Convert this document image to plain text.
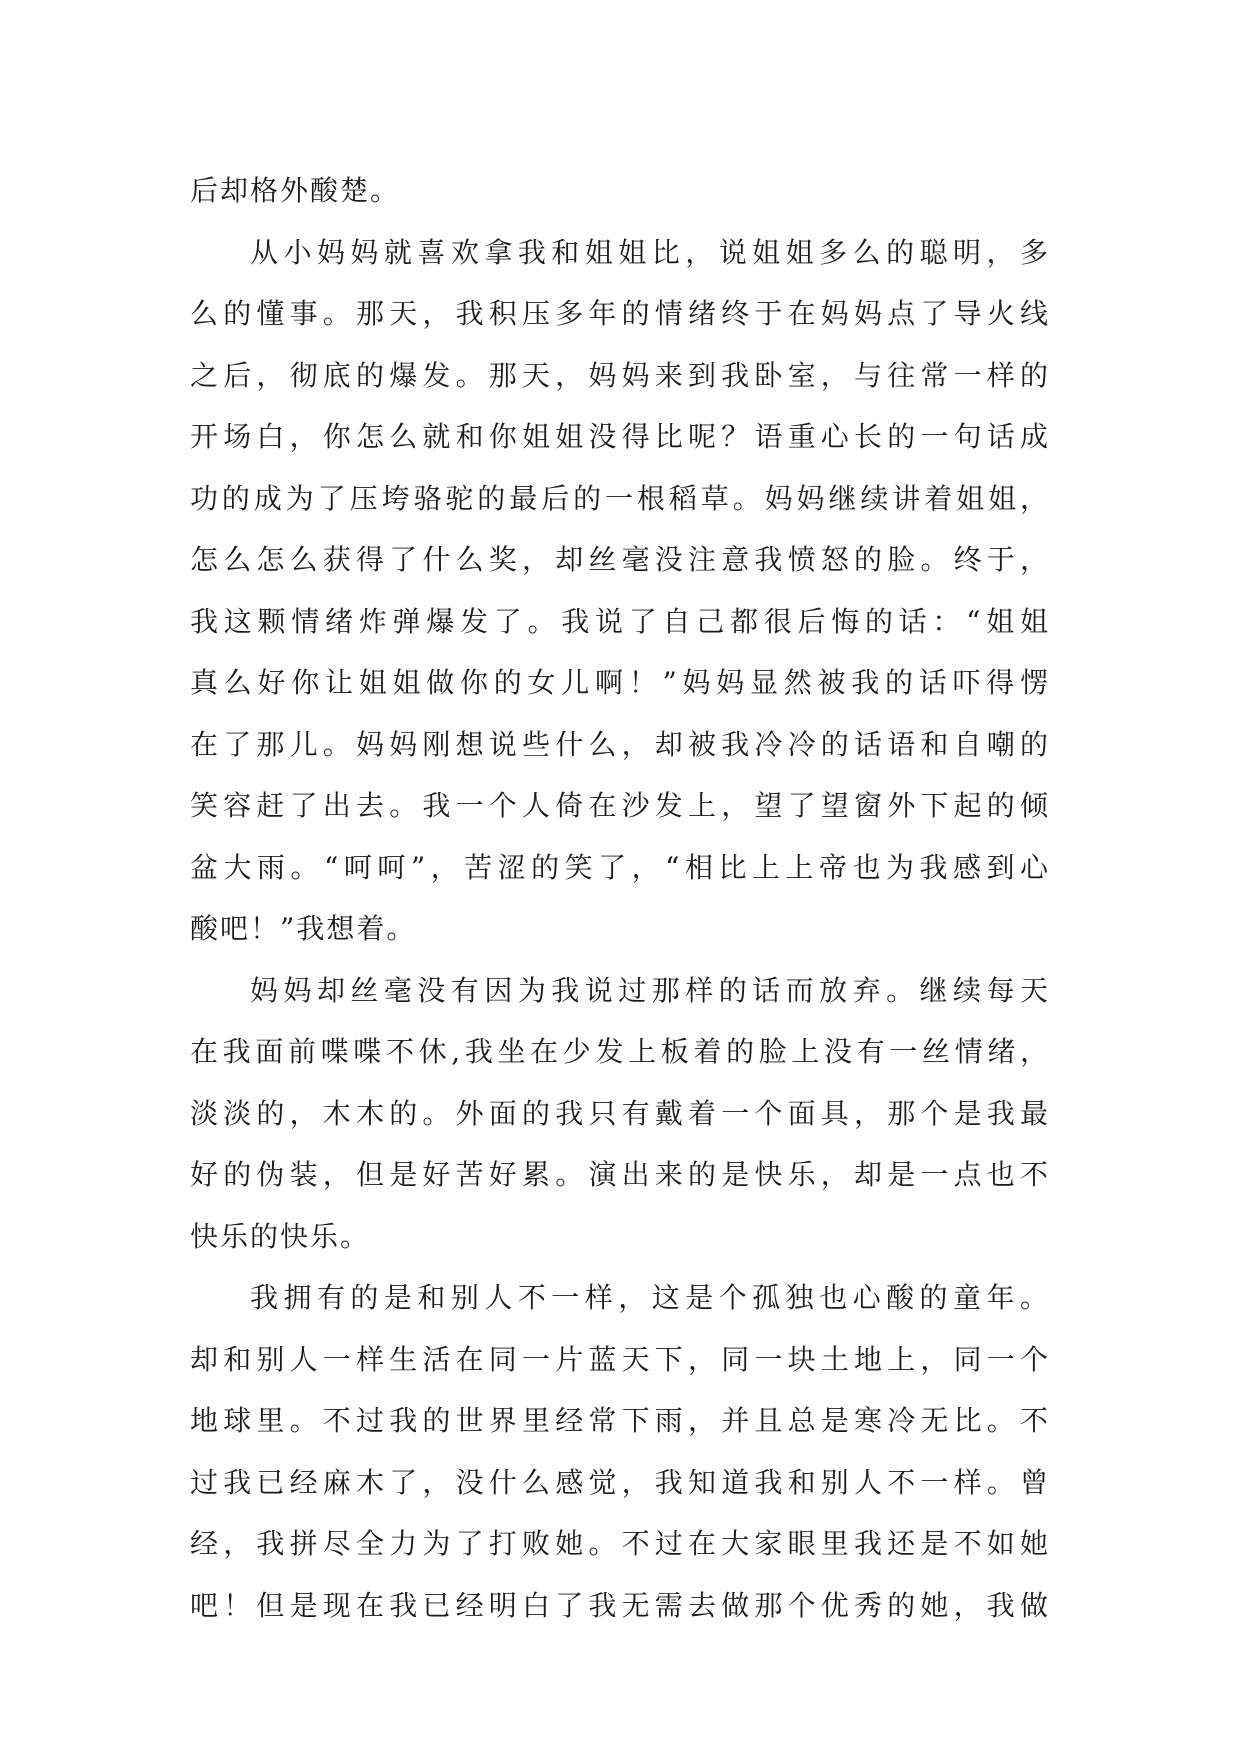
后却格外酸楚。
从小妈妈就喜欢拿我和姐姐比，说姐姐多么的聪明，多
么的懂事。那天，我积压多年的情绪终于在妈妈点了导火线
之后，彻底的爆发。那天，妈妈来到我卧室，与往常一样的
开场白，你怎么就和你姐姐没得比呢？语重心长的一句话成
功的成为了压垮骆驼的最后的一根稻草。妈妈继续讲着姐姐，
怎么怎么获得了什么奖，却丝毫没注意我愤怒的脸。终于，
我这颗情绪炸弹爆发了。我说了自己都很后悔的话：“姐姐
真么好你让姐姐做你的女儿啊！”妈妈显然被我的话吓得愣
在了那儿。妈妈刚想说些什么，却被我冷冷的话语和自嘲的
笑容赶了出去。我一个人倚在沙发上，望了望窗外下起的倾
盆大雨。“呵呵”，苦涩的笑了，“相比上上帝也为我感到心
酸吧！”我想着。
妈妈却丝毫没有因为我说过那样的话而放弃。继续每天
在我面前喋喋不休,我坐在少发上板着的脸上没有一丝情绪，
淡淡的，木木的。外面的我只有戴着一个面具，那个是我最
好的伪装，但是好苦好累。演出来的是快乐，却是一点也不
快乐的快乐。
我拥有的是和别人不一样，这是个孤独也心酸的童年。
却和别人一样生活在同一片蓝天下，同一块土地上，同一个
地球里。不过我的世界里经常下雨，并且总是寒冷无比。不
过我已经麻木了，没什么感觉，我知道我和别人不一样。曾
经，我拼尽全力为了打败她。不过在大家眼里我还是不如她
吧！但是现在我已经明白了我无需去做那个优秀的她，我做
